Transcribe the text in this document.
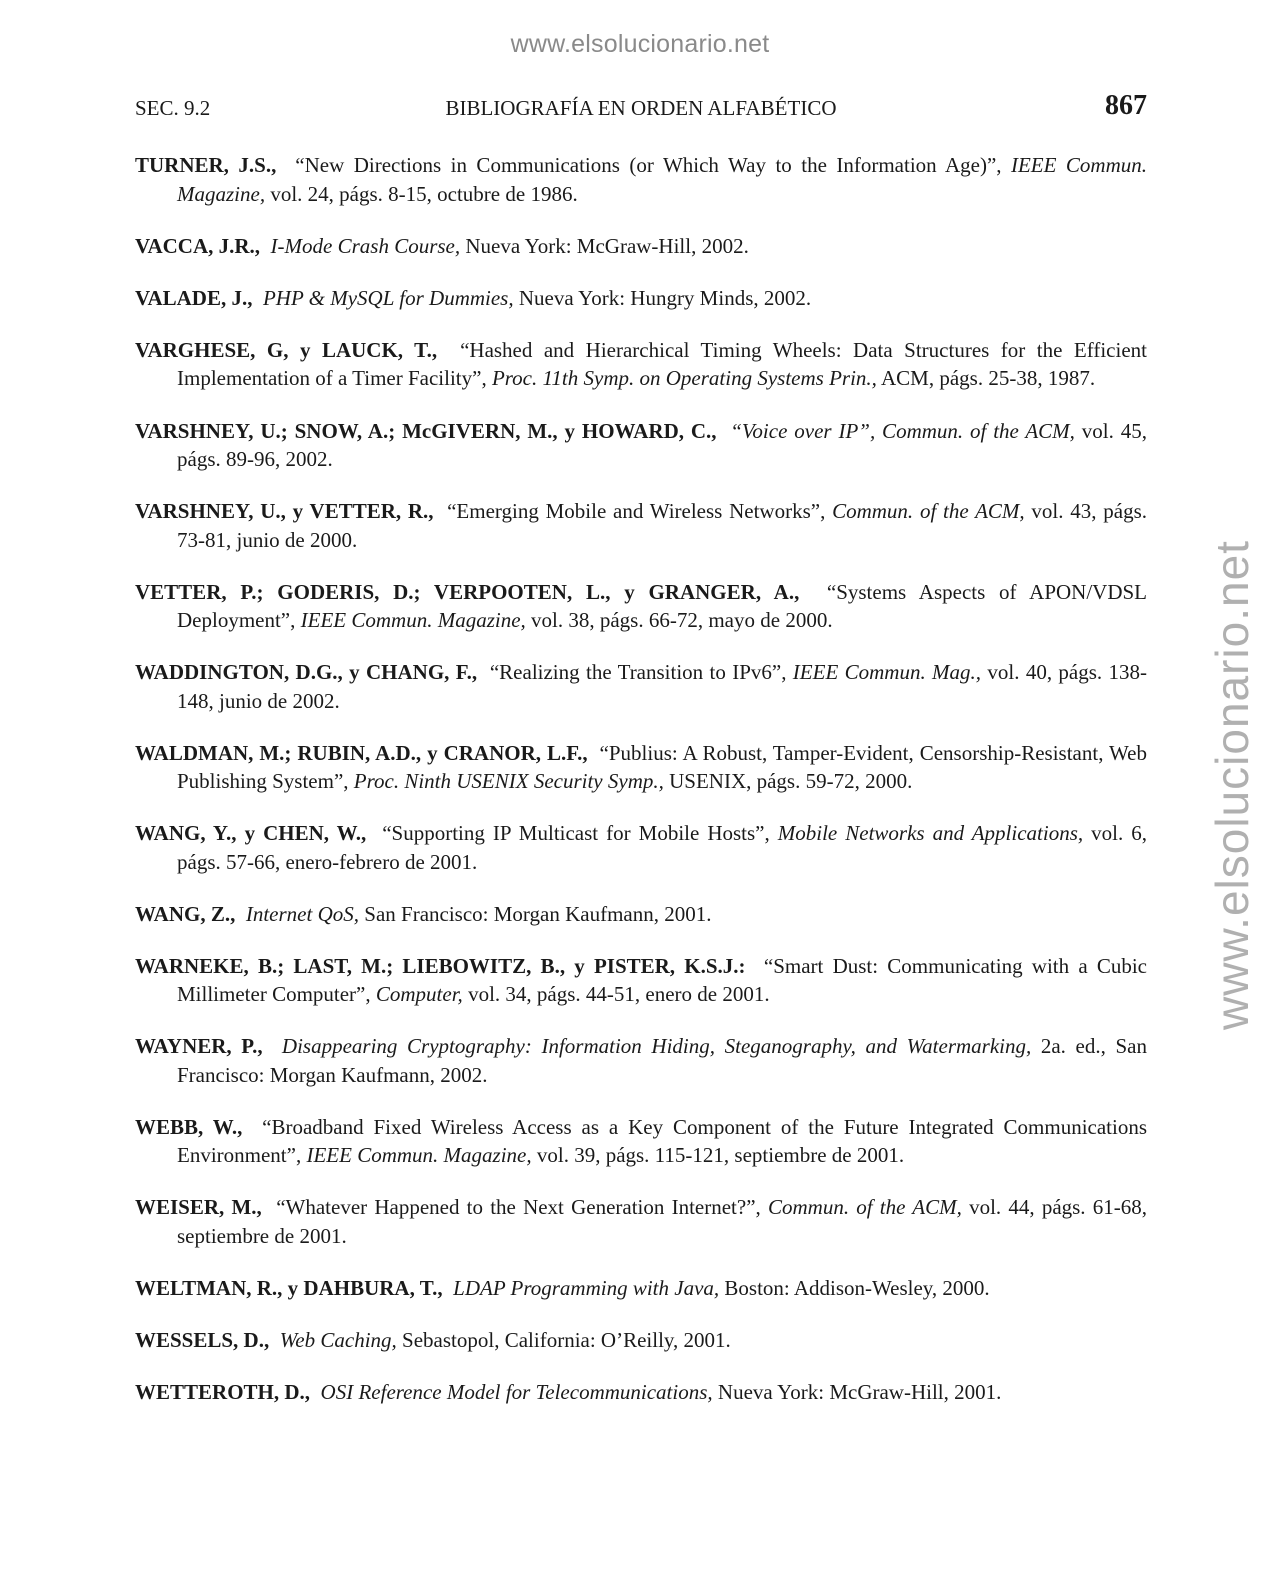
www.elsolucionario.net
www.elsolucionario.net
SEC. 9.2	BIBLIOGRAFÍA EN ORDEN ALFABÉTICO	867

TURNER, J.S., “New Directions in Communications (or Which Way to the Information Age)”, IEEE Commun. Magazine, vol. 24, págs. 8-15, octubre de 1986.

VACCA, J.R., I-Mode Crash Course, Nueva York: McGraw-Hill, 2002.

VALADE, J., PHP & MySQL for Dummies, Nueva York: Hungry Minds, 2002.

VARGHESE, G, y LAUCK, T., “Hashed and Hierarchical Timing Wheels: Data Structures for the Efficient Implementation of a Timer Facility”, Proc. 11th Symp. on Operating Systems Prin., ACM, págs. 25-38, 1987.

VARSHNEY, U.; SNOW, A.; McGIVERN, M., y HOWARD, C., “Voice over IP”, Commun. of the ACM, vol. 45, págs. 89-96, 2002.

VARSHNEY, U., y VETTER, R., “Emerging Mobile and Wireless Networks”, Commun. of the ACM, vol. 43, págs. 73-81, junio de 2000.

VETTER, P.; GODERIS, D.; VERPOOTEN, L., y GRANGER, A., “Systems Aspects of APON/VDSL Deployment”, IEEE Commun. Magazine, vol. 38, págs. 66-72, mayo de 2000.

WADDINGTON, D.G., y CHANG, F., “Realizing the Transition to IPv6”, IEEE Commun. Mag., vol. 40, págs. 138-148, junio de 2002.

WALDMAN, M.; RUBIN, A.D., y CRANOR, L.F., “Publius: A Robust, Tamper-Evident, Censorship-Resistant, Web Publishing System”, Proc. Ninth USENIX Security Symp., USENIX, págs. 59-72, 2000.

WANG, Y., y CHEN, W., “Supporting IP Multicast for Mobile Hosts”, Mobile Networks and Applications, vol. 6, págs. 57-66, enero-febrero de 2001.

WANG, Z., Internet QoS, San Francisco: Morgan Kaufmann, 2001.

WARNEKE, B.; LAST, M.; LIEBOWITZ, B., y PISTER, K.S.J.: “Smart Dust: Communicating with a Cubic Millimeter Computer”, Computer, vol. 34, págs. 44-51, enero de 2001.

WAYNER, P., Disappearing Cryptography: Information Hiding, Steganography, and Watermarking, 2a. ed., San Francisco: Morgan Kaufmann, 2002.

WEBB, W., “Broadband Fixed Wireless Access as a Key Component of the Future Integrated Communications Environment”, IEEE Commun. Magazine, vol. 39, págs. 115-121, septiembre de 2001.

WEISER, M., “Whatever Happened to the Next Generation Internet?”, Commun. of the ACM, vol. 44, págs. 61-68, septiembre de 2001.

WELTMAN, R., y DAHBURA, T., LDAP Programming with Java, Boston: Addison-Wesley, 2000.

WESSELS, D., Web Caching, Sebastopol, California: O’Reilly, 2001.

WETTEROTH, D., OSI Reference Model for Telecommunications, Nueva York: McGraw-Hill, 2001.
